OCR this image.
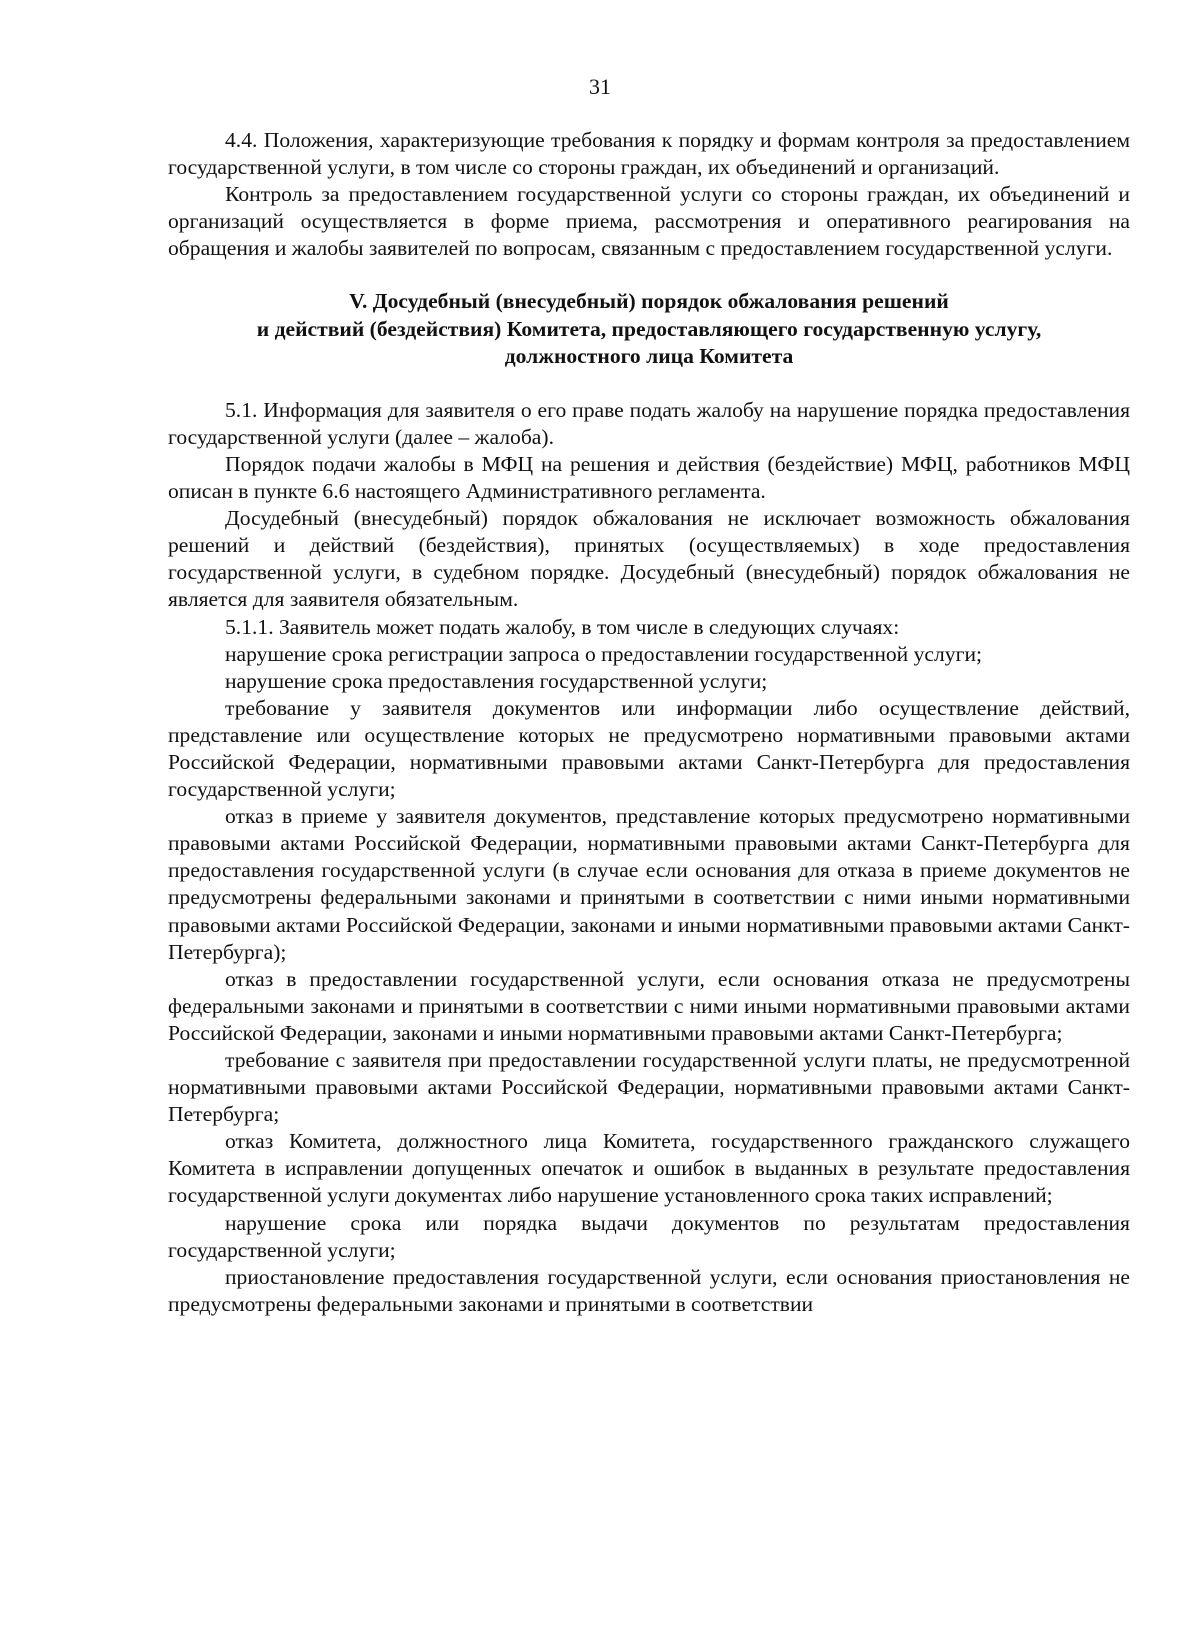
31

4.4. Положения, характеризующие требования к порядку и формам контроля за предоставлением государственной услуги, в том числе со стороны граждан, их объединений и организаций.

Контроль за предоставлением государственной услуги со стороны граждан, их объединений и организаций осуществляется в форме приема, рассмотрения и оперативного реагирования на обращения и жалобы заявителей по вопросам, связанным с предоставлением государственной услуги.

V. Досудебный (внесудебный) порядок обжалования решений
и действий (бездействия) Комитета, предоставляющего государственную услугу,
должностного лица Комитета

5.1. Информация для заявителя о его праве подать жалобу на нарушение порядка предоставления государственной услуги (далее – жалоба).

Порядок подачи жалобы в МФЦ на решения и действия (бездействие) МФЦ, работников МФЦ описан в пункте 6.6 настоящего Административного регламента.

Досудебный (внесудебный) порядок обжалования не исключает возможность обжалования решений и действий (бездействия), принятых (осуществляемых) в ходе предоставления государственной услуги, в судебном порядке. Досудебный (внесудебный) порядок обжалования не является для заявителя обязательным.

5.1.1. Заявитель может подать жалобу, в том числе в следующих случаях:

нарушение срока регистрации запроса о предоставлении государственной услуги;

нарушение срока предоставления государственной услуги;

требование у заявителя документов или информации либо осуществление действий, представление или осуществление которых не предусмотрено нормативными правовыми актами Российской Федерации, нормативными правовыми актами Санкт-Петербурга для предоставления государственной услуги;

отказ в приеме у заявителя документов, представление которых предусмотрено нормативными правовыми актами Российской Федерации, нормативными правовыми актами Санкт-Петербурга для предоставления государственной услуги (в случае если основания для отказа в приеме документов не предусмотрены федеральными законами и принятыми в соответствии с ними иными нормативными правовыми актами Российской Федерации, законами и иными нормативными правовыми актами Санкт-Петербурга);

отказ в предоставлении государственной услуги, если основания отказа не предусмотрены федеральными законами и принятыми в соответствии с ними иными нормативными правовыми актами Российской Федерации, законами и иными нормативными правовыми актами Санкт-Петербурга;

требование с заявителя при предоставлении государственной услуги платы, не предусмотренной нормативными правовыми актами Российской Федерации, нормативными правовыми актами Санкт-Петербурга;

отказ Комитета, должностного лица Комитета, государственного гражданского служащего Комитета в исправлении допущенных опечаток и ошибок в выданных в результате предоставления государственной услуги документах либо нарушение установленного срока таких исправлений;

нарушение срока или порядка выдачи документов по результатам предоставления государственной услуги;

приостановление предоставления государственной услуги, если основания приостановления не предусмотрены федеральными законами и принятыми в соответствии
